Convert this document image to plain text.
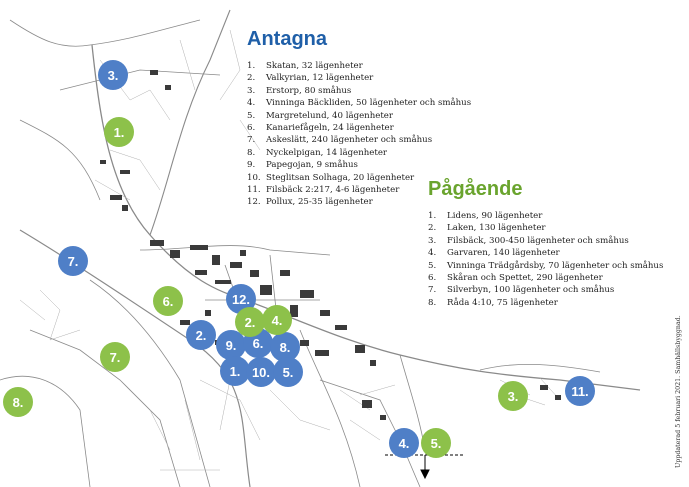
Antagna
1. Skatan, 32 lägenheter
2. Valkyrian, 12 lägenheter
3. Erstorp, 80 småhus
4. Vinninga Bäckliden, 50 lägenheter och småhus
5. Margretelund, 40 lägenheter
6. Kanariefågeln, 24 lägenheter
7. Askeslätt, 240 lägenheter och småhus
8. Nyckelpigan, 14 lägenheter
9. Papegojan, 9 småhus
10. Steglitsan Solhaga, 20 lägenheter
11. Filsbäck 2:217, 4-6 lägenheter
12. Pollux, 25-35 lägenheter
Pågående
1. Lidens, 90 lägenheter
2. Laken, 130 lägenheter
3. Filsbäck, 300-450 lägenheter och småhus
4. Garvaren, 140 lägenheter
5. Vinninga Trädgårdsby, 70 lägenheter och småhus
6. Skåran och Spettet, 290 lägenheter
7. Silverbyn, 100 lägenheter och småhus
8. Råda 4:10, 75 lägenheter
3.
2.
9.	6.	8.
1. 10. 5.
7.
12.
4.
11.
1.
6.
2.	4.
7.
8.	3.
5.	Uppdaterad 5 februari 2021. Samhällsbyggnad.
